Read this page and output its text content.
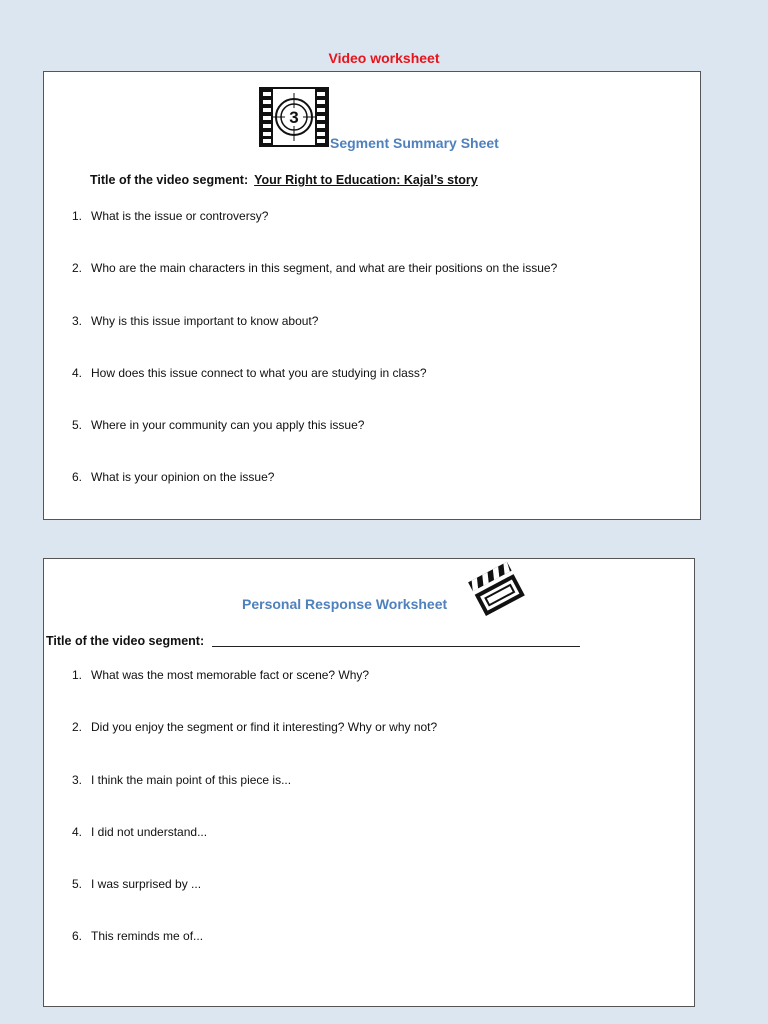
Video worksheet
3
Segment Summary Sheet
Title of the video segment: Your Right to Education: Kajal’s story
1. What is the issue or controversy?
2. Who are the main characters in this segment, and what are their positions on the issue?
3. Why is this issue important to know about?
4. How does this issue connect to what you are studying in class?
5. Where in your community can you apply this issue?
6. What is your opinion on the issue?
Personal Response Worksheet
Title of the video segment:
1. What was the most memorable fact or scene? Why?
2. Did you enjoy the segment or find it interesting? Why or why not?
3. I think the main point of this piece is...
4. I did not understand...
5. I was surprised by ...
6. This reminds me of...
